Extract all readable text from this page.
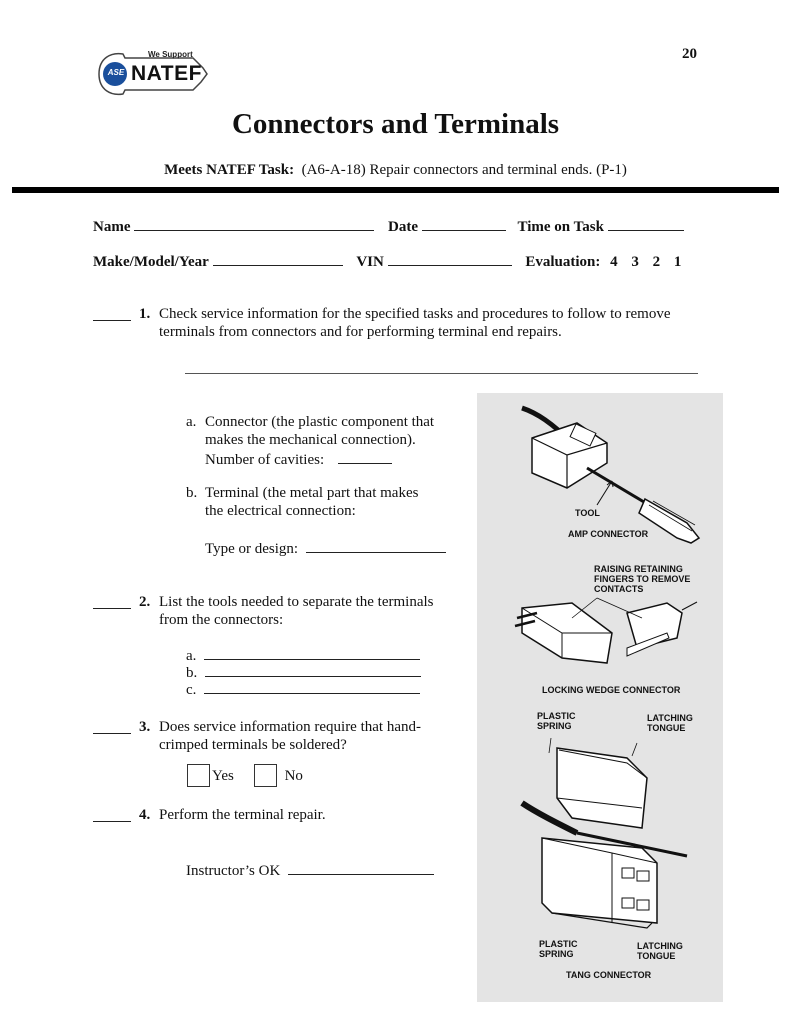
ASE
We Support
NATEF
20
Connectors and Terminals
Meets NATEF Task: (A6-A-18) Repair connectors and terminal ends. (P-1)
Name	Date	Time on Task
Make/Model/Year	VIN	Evaluation: 4 3 2 1
1. Check service information for the specified tasks and procedures to follow to remove
terminals from connectors and for performing terminal end repairs.
a. Connector (the plastic component that
makes the mechanical connection).
Number of cavities:
b. Terminal (the metal part that makes
the electrical connection:
Type or design:
2. List the tools needed to separate the terminals
from the connectors:
a.
b.
c.
3. Does service information require that hand-
crimped terminals be soldered?
Yes	No
4. Perform the terminal repair.
Instructor’s OK
TOOL
AMP CONNECTOR
RAISING RETAINING
FINGERS TO REMOVE
CONTACTS
LOCKING WEDGE CONNECTOR
PLASTIC
SPRING
LATCHING
TONGUE
PLASTIC
SPRING
LATCHING
TONGUE
TANG CONNECTOR
